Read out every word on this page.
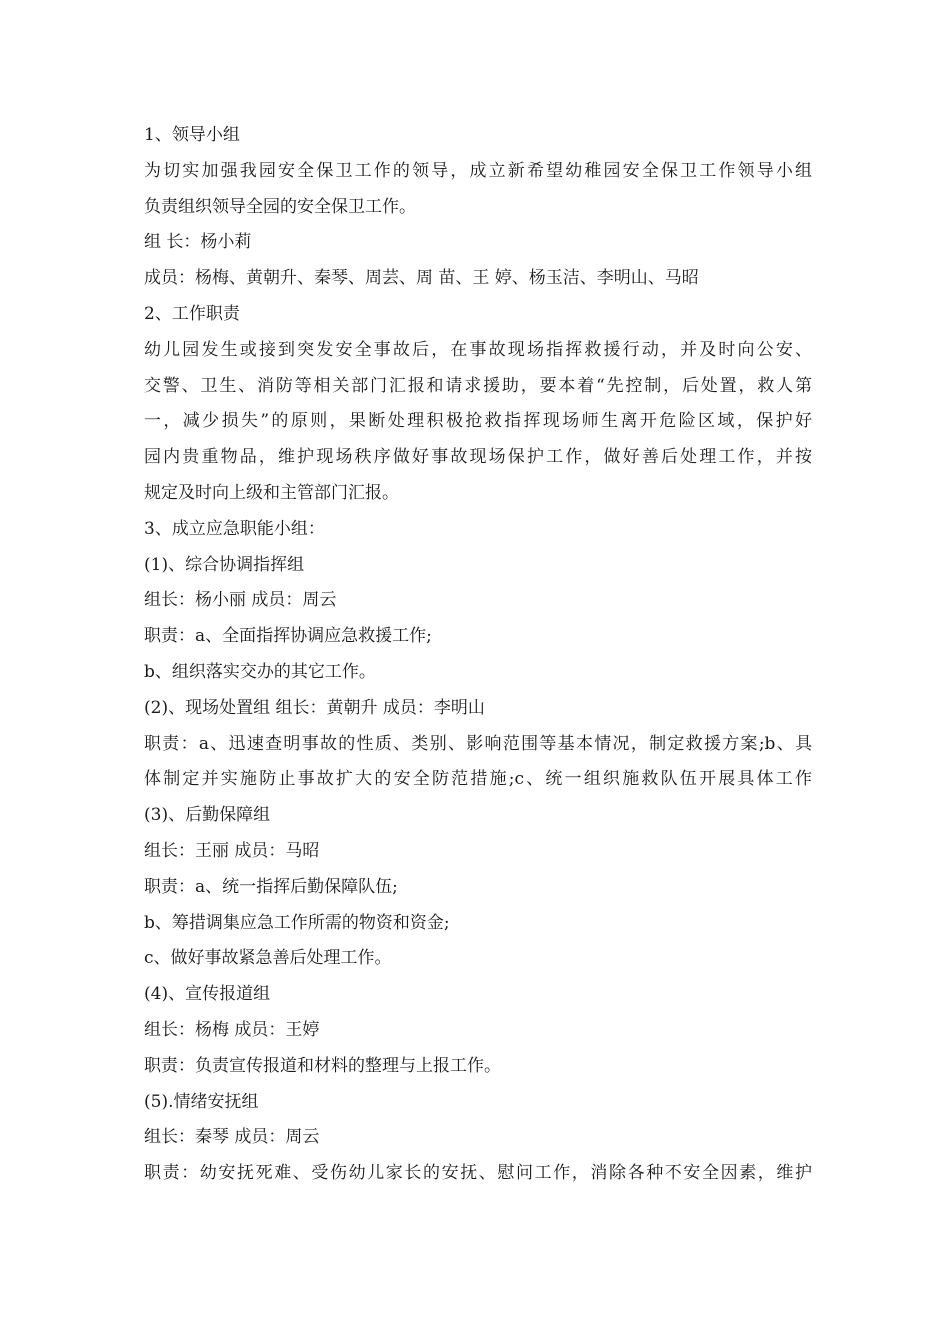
1、领导小组
为切实加强我园安全保卫工作的领导，成立新希望幼稚园安全保卫工作领导小组
负责组织领导全园的安全保卫工作。
组 长：杨小莉
成员：杨梅、黄朝升、秦琴、周芸、周 苗、王 婷、杨玉洁、李明山、马昭
2、工作职责
幼儿园发生或接到突发安全事故后，在事故现场指挥救援行动，并及时向公安、
交警、卫生、消防等相关部门汇报和请求援助，要本着“先控制，后处置，救人第
一，减少损失”的原则，果断处理积极抢救指挥现场师生离开危险区域，保护好
园内贵重物品，维护现场秩序做好事故现场保护工作，做好善后处理工作，并按
规定及时向上级和主管部门汇报。
3、成立应急职能小组：
(1)、综合协调指挥组
组长：杨小丽 成员：周云
职责：a、全面指挥协调应急救援工作;
b、组织落实交办的其它工作。
(2)、现场处置组 组长：黄朝升 成员：李明山
职责：a、迅速查明事故的性质、类别、影响范围等基本情况，制定救援方案;b、具
体制定并实施防止事故扩大的安全防范措施;c、统一组织施救队伍开展具体工作
(3)、后勤保障组
组长：王丽 成员：马昭
职责：a、统一指挥后勤保障队伍;
b、筹措调集应急工作所需的物资和资金;
c、做好事故紧急善后处理工作。
(4)、宣传报道组
组长：杨梅 成员：王婷
职责：负责宣传报道和材料的整理与上报工作。
(5).情绪安抚组
组长：秦琴 成员：周云
职责：幼安抚死难、受伤幼儿家长的安抚、慰问工作，消除各种不安全因素，维护
